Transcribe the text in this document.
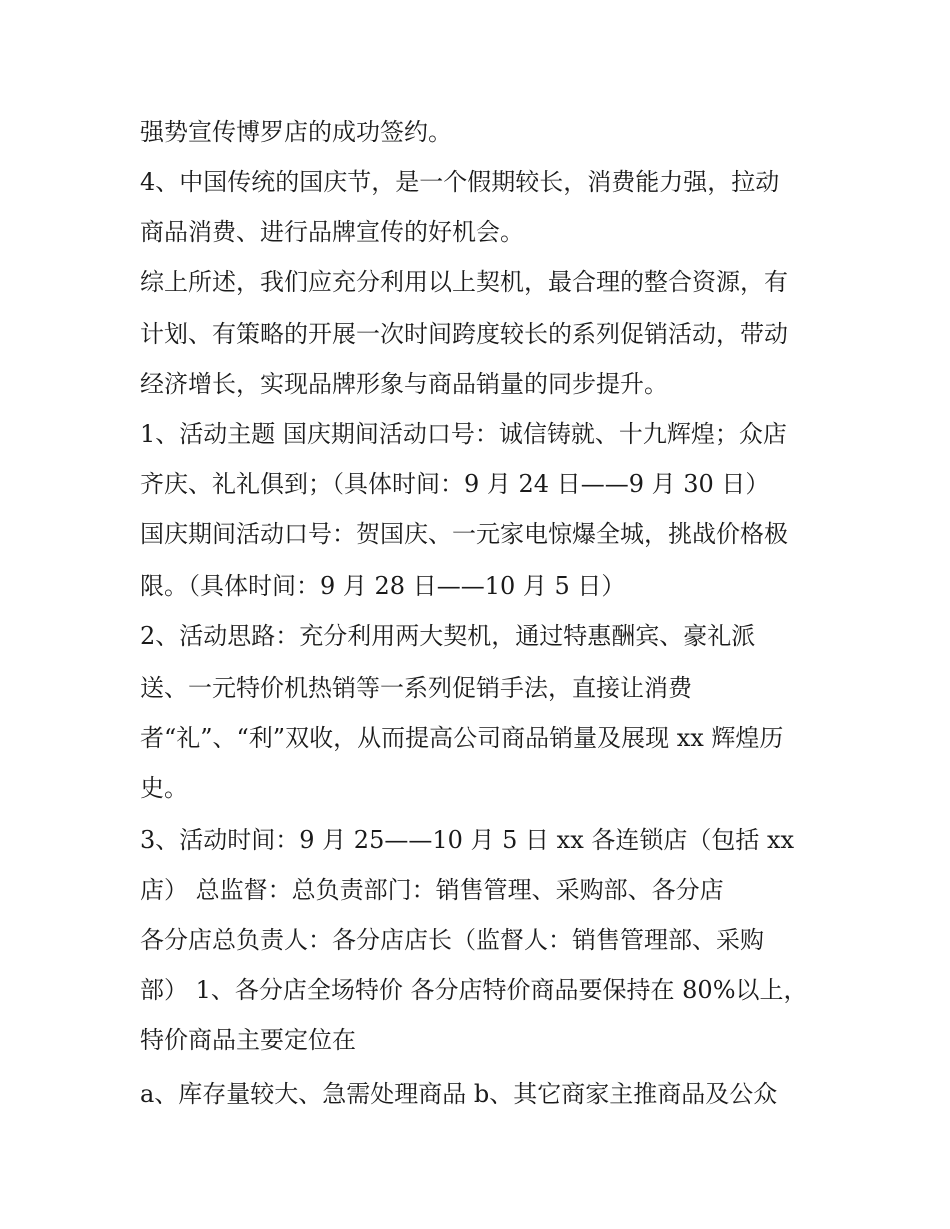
强势宣传博罗店的成功签约。
4、中国传统的国庆节，是一个假期较长，消费能力强，拉动
商品消费、进行品牌宣传的好机会。
综上所述，我们应充分利用以上契机，最合理的整合资源，有
计划、有策略的开展一次时间跨度较长的系列促销活动，带动
经济增长，实现品牌形象与商品销量的同步提升。
1、活动主题 国庆期间活动口号：诚信铸就、十九辉煌；众店
齐庆、礼礼俱到；（具体时间：9 月 24 日——9 月 30 日）
国庆期间活动口号：贺国庆、一元家电惊爆全城，挑战价格极
限。（具体时间：9 月 28 日——10 月 5 日）
2、活动思路：充分利用两大契机，通过特惠酬宾、豪礼派
送、一元特价机热销等一系列促销手法，直接让消费
者“礼”、“利”双收，从而提高公司商品销量及展现 xx 辉煌历
史。
3、活动时间：9 月 25——10 月 5 日 xx 各连锁店（包括 xx
店） 总监督：总负责部门：销售管理、采购部、各分店
各分店总负责人：各分店店长（监督人：销售管理部、采购
部） 1、各分店全场特价 各分店特价商品要保持在 80%以上，
特价商品主要定位在
a、库存量较大、急需处理商品 b、其它商家主推商品及公众
